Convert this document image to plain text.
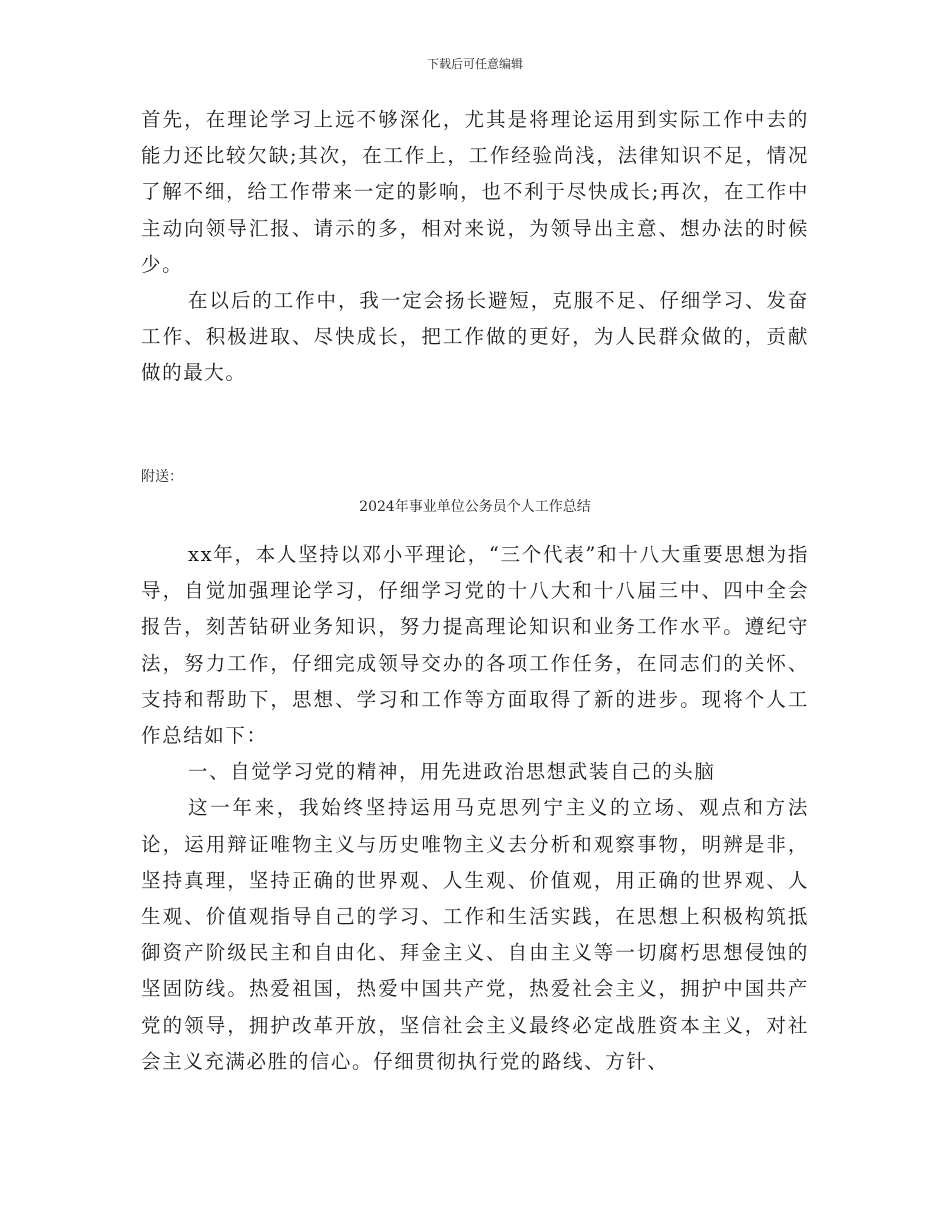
下载后可任意编辑

首先，在理论学习上远不够深化，尤其是将理论运用到实际工作中去的能力还比较欠缺;其次，在工作上，工作经验尚浅，法律知识不足，情况了解不细，给工作带来一定的影响，也不利于尽快成长;再次，在工作中主动向领导汇报、请示的多，相对来说，为领导出主意、想办法的时候少。

在以后的工作中，我一定会扬长避短，克服不足、仔细学习、发奋工作、积极进取、尽快成长，把工作做的更好，为人民群众做的，贡献做的最大。

附送：
2024年事业单位公务员个人工作总结

xx年，本人坚持以邓小平理论，“三个代表”和十八大重要思想为指导，自觉加强理论学习，仔细学习党的十八大和十八届三中、四中全会报告，刻苦钻研业务知识，努力提高理论知识和业务工作水平。遵纪守法，努力工作，仔细完成领导交办的各项工作任务，在同志们的关怀、支持和帮助下，思想、学习和工作等方面取得了新的进步。现将个人工作总结如下：

一、自觉学习党的精神，用先进政治思想武装自己的头脑

这一年来，我始终坚持运用马克思列宁主义的立场、观点和方法论，运用辩证唯物主义与历史唯物主义去分析和观察事物，明辨是非，坚持真理，坚持正确的世界观、人生观、价值观，用正确的世界观、人生观、价值观指导自己的学习、工作和生活实践，在思想上积极构筑抵御资产阶级民主和自由化、拜金主义、自由主义等一切腐朽思想侵蚀的坚固防线。热爱祖国，热爱中国共产党，热爱社会主义，拥护中国共产党的领导，拥护改革开放，坚信社会主义最终必定战胜资本主义，对社会主义充满必胜的信心。仔细贯彻执行党的路线、方针、
